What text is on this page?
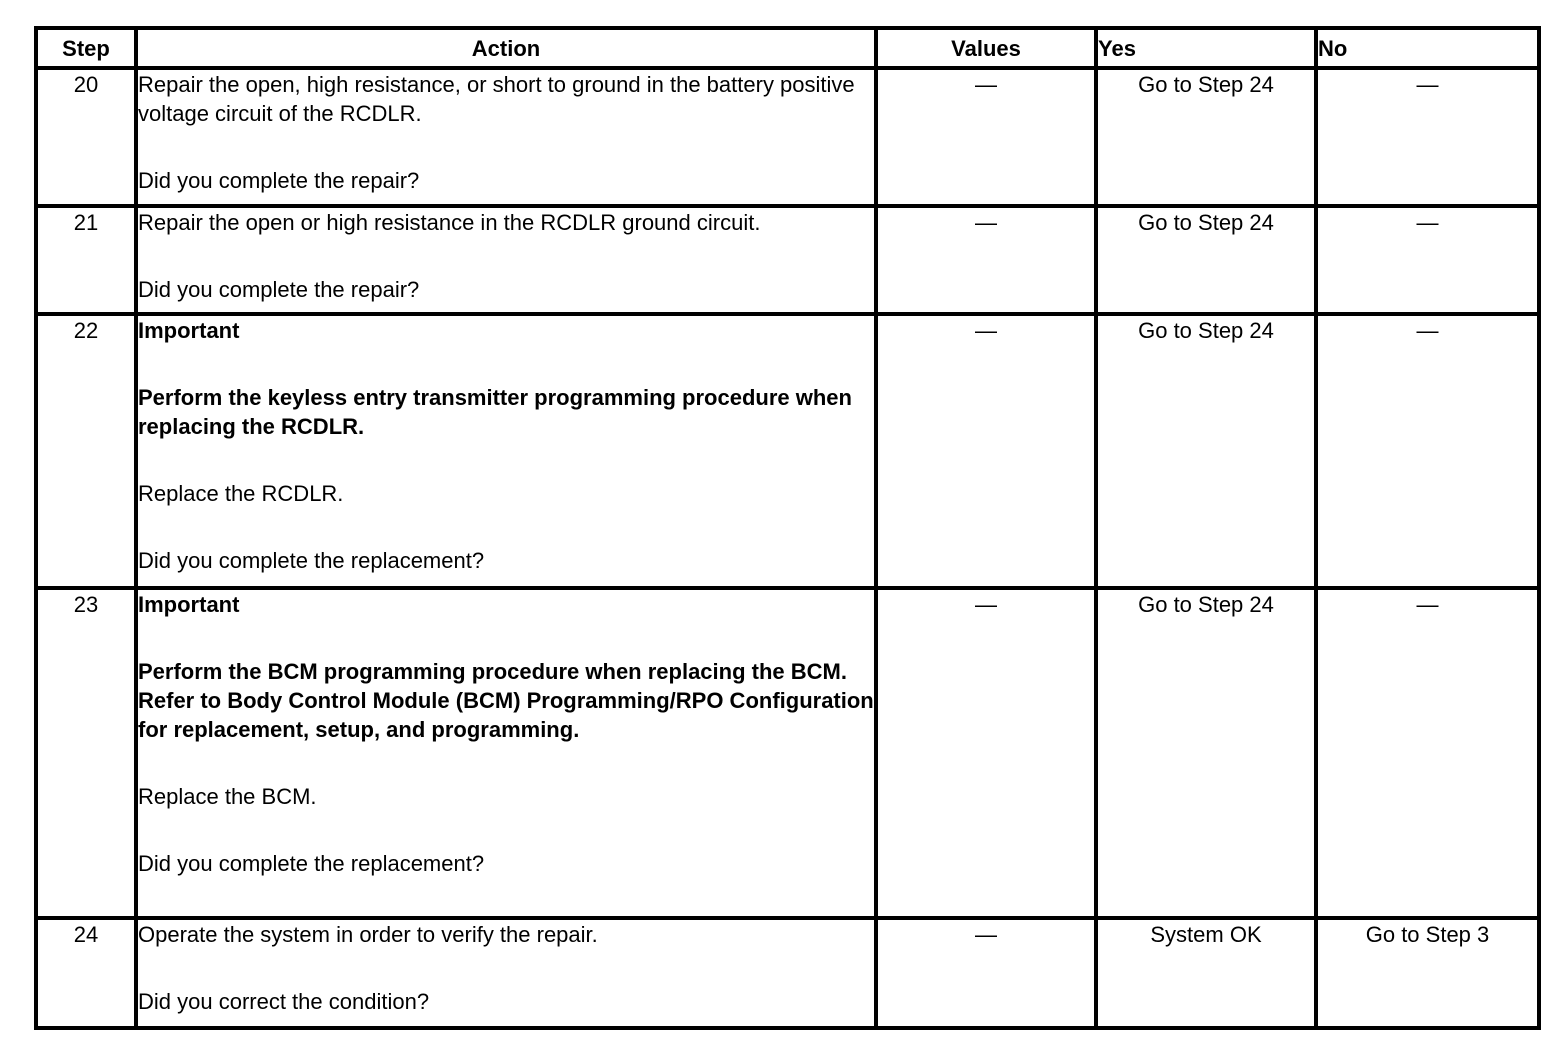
Step	Action	Values	Yes	No
20	Repair the open, high resistance, or short to ground in the battery positive voltage circuit of the RCDLR.

Did you complete the repair?	—	Go to Step 24	—
21	Repair the open or high resistance in the RCDLR ground circuit.

Did you complete the repair?	—	Go to Step 24	—
22	Important

Perform the keyless entry transmitter programming procedure when replacing the RCDLR.

Replace the RCDLR.

Did you complete the replacement?	—	Go to Step 24	—
23	Important

Perform the BCM programming procedure when replacing the BCM. Refer to Body Control Module (BCM) Programming/RPO Configuration for replacement, setup, and programming.

Replace the BCM.

Did you complete the replacement?	—	Go to Step 24	—
24	Operate the system in order to verify the repair.

Did you correct the condition?	—	System OK	Go to Step 3
